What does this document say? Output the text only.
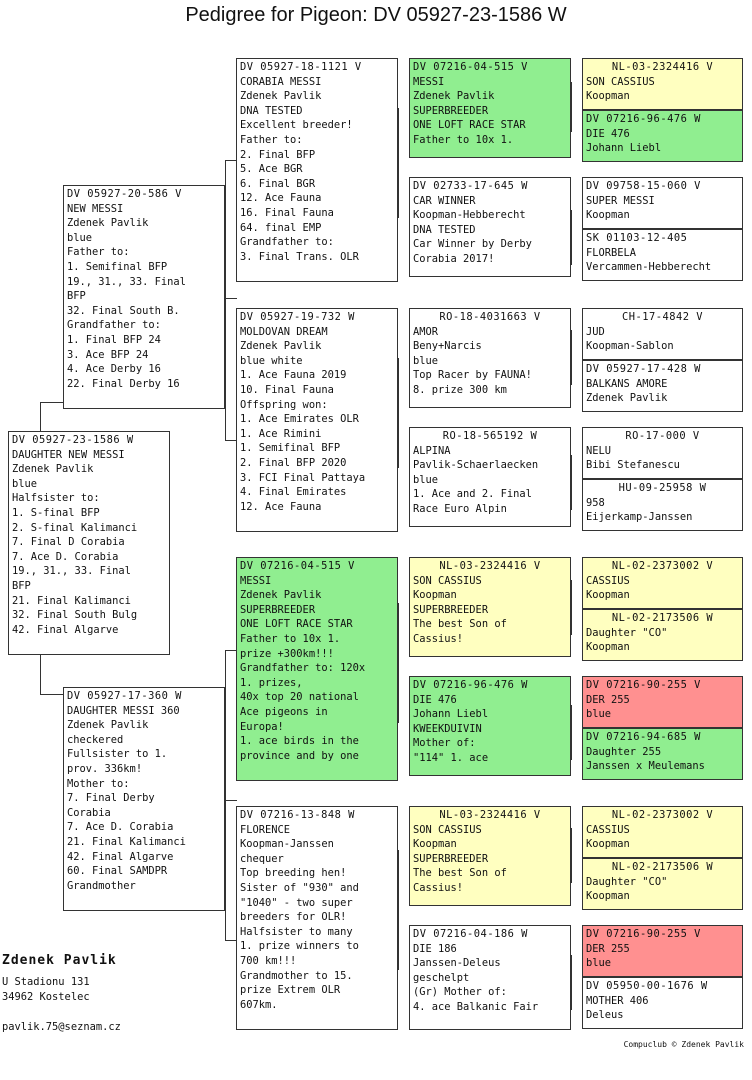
Pedigree for Pigeon: DV 05927-23-1586 W
DV 05927-23-1586 W
DAUGHTER NEW MESSI
Zdenek Pavlik
blue
Halfsister to:
1. S-final BFP
2. S-final Kalimanci
7. Final D Corabia
7. Ace D. Corabia
19., 31., 33. Final
BFP
21. Final Kalimanci
32. Final South Bulg
42. Final Algarve
DV 05927-20-586 V
NEW MESSI
Zdenek Pavlik
blue
Father to:
1. Semifinal BFP
19., 31., 33. Final
BFP
32. Final South B.
Grandfather to:
1. Final BFP 24
3. Ace BFP 24
4. Ace Derby 16
22. Final Derby 16
DV 05927-17-360 W
DAUGHTER MESSI 360
Zdenek Pavlik
checkered
Fullsister to 1.
prov. 336km!
Mother to:
7. Final Derby
Corabia
7. Ace D. Corabia
21. Final Kalimanci
42. Final Algarve
60. Final SAMDPR
Grandmother
DV 05927-18-1121 V
CORABIA MESSI
Zdenek Pavlik
DNA TESTED
Excellent breeder!
Father to:
2. Final BFP
5. Ace BGR
6. Final BGR
12. Ace Fauna
16. Final Fauna
64. final EMP
Grandfather to:
3. Final Trans. OLR
DV 05927-19-732 W
MOLDOVAN DREAM
Zdenek Pavlik
blue white
1. Ace Fauna 2019
10. Final Fauna
Offspring won:
1. Ace Emirates OLR
1. Ace Rimini
1. Semifinal BFP
2. Final BFP 2020
3. FCI Final Pattaya
4. Final Emirates
12. Ace Fauna
DV 07216-04-515 V
MESSI
Zdenek Pavlik
SUPERBREEDER
ONE LOFT RACE STAR
Father to 10x 1.
prize +300km!!!
Grandfather to: 120x
1. prizes,
40x top 20 national
Ace pigeons in
Europa!
1. ace birds in the
province and by one
DV 07216-13-848 W
FLORENCE
Koopman-Janssen
chequer
Top breeding hen!
Sister of "930" and
"1040" - two super
breeders for OLR!
Halfsister to many
1. prize winners to
700 km!!!
Grandmother to 15.
prize Extrem OLR
607km.
DV 07216-04-515 V
MESSI
Zdenek Pavlik
SUPERBREEDER
ONE LOFT RACE STAR
Father to 10x 1.
DV 02733-17-645 W
CAR WINNER
Koopman-Hebberecht
DNA TESTED
Car Winner by Derby
Corabia 2017!
RO-18-4031663 V
AMOR
Beny+Narcis
blue
Top Racer by FAUNA!
8. prize 300 km
RO-18-565192 W
ALPINA
Pavlik-Schaerlaecken
blue
1. Ace and 2. Final
Race Euro Alpin
NL-03-2324416 V
SON CASSIUS
Koopman
SUPERBREEDER
The best Son of
Cassius!
DV 07216-96-476 W
DIE 476
Johann Liebl
KWEEKDUIVIN
Mother of:
"114" 1. ace
NL-03-2324416 V
SON CASSIUS
Koopman
SUPERBREEDER
The best Son of
Cassius!
DV 07216-04-186 W
DIE 186
Janssen-Deleus
geschelpt
(Gr) Mother of:
4. ace Balkanic Fair
NL-03-2324416 V
SON CASSIUS
Koopman
DV 07216-96-476 W
DIE 476
Johann Liebl
DV 09758-15-060 V
SUPER MESSI
Koopman
SK 01103-12-405
FLORBELA
Vercammen-Hebberecht
CH-17-4842 V
JUD
Koopman-Sablon
DV 05927-17-428 W
BALKANS AMORE
Zdenek Pavlik
RO-17-000 V
NELU
Bibi Stefanescu
HU-09-25958 W
958
Eijerkamp-Janssen
NL-02-2373002 V
CASSIUS
Koopman
NL-02-2173506 W
Daughter "CO"
Koopman
DV 07216-90-255 V
DER 255
blue
DV 07216-94-685 W
Daughter 255
Janssen x Meulemans
NL-02-2373002 V
CASSIUS
Koopman
NL-02-2173506 W
Daughter "CO"
Koopman
DV 07216-90-255 V
DER 255
blue
DV 05950-00-1676 W
MOTHER 406
Deleus
Zdenek Pavlik
U Stadionu 131
34962 Kostelec
pavlik.75@seznam.cz
Compuclub © Zdenek Pavlik
